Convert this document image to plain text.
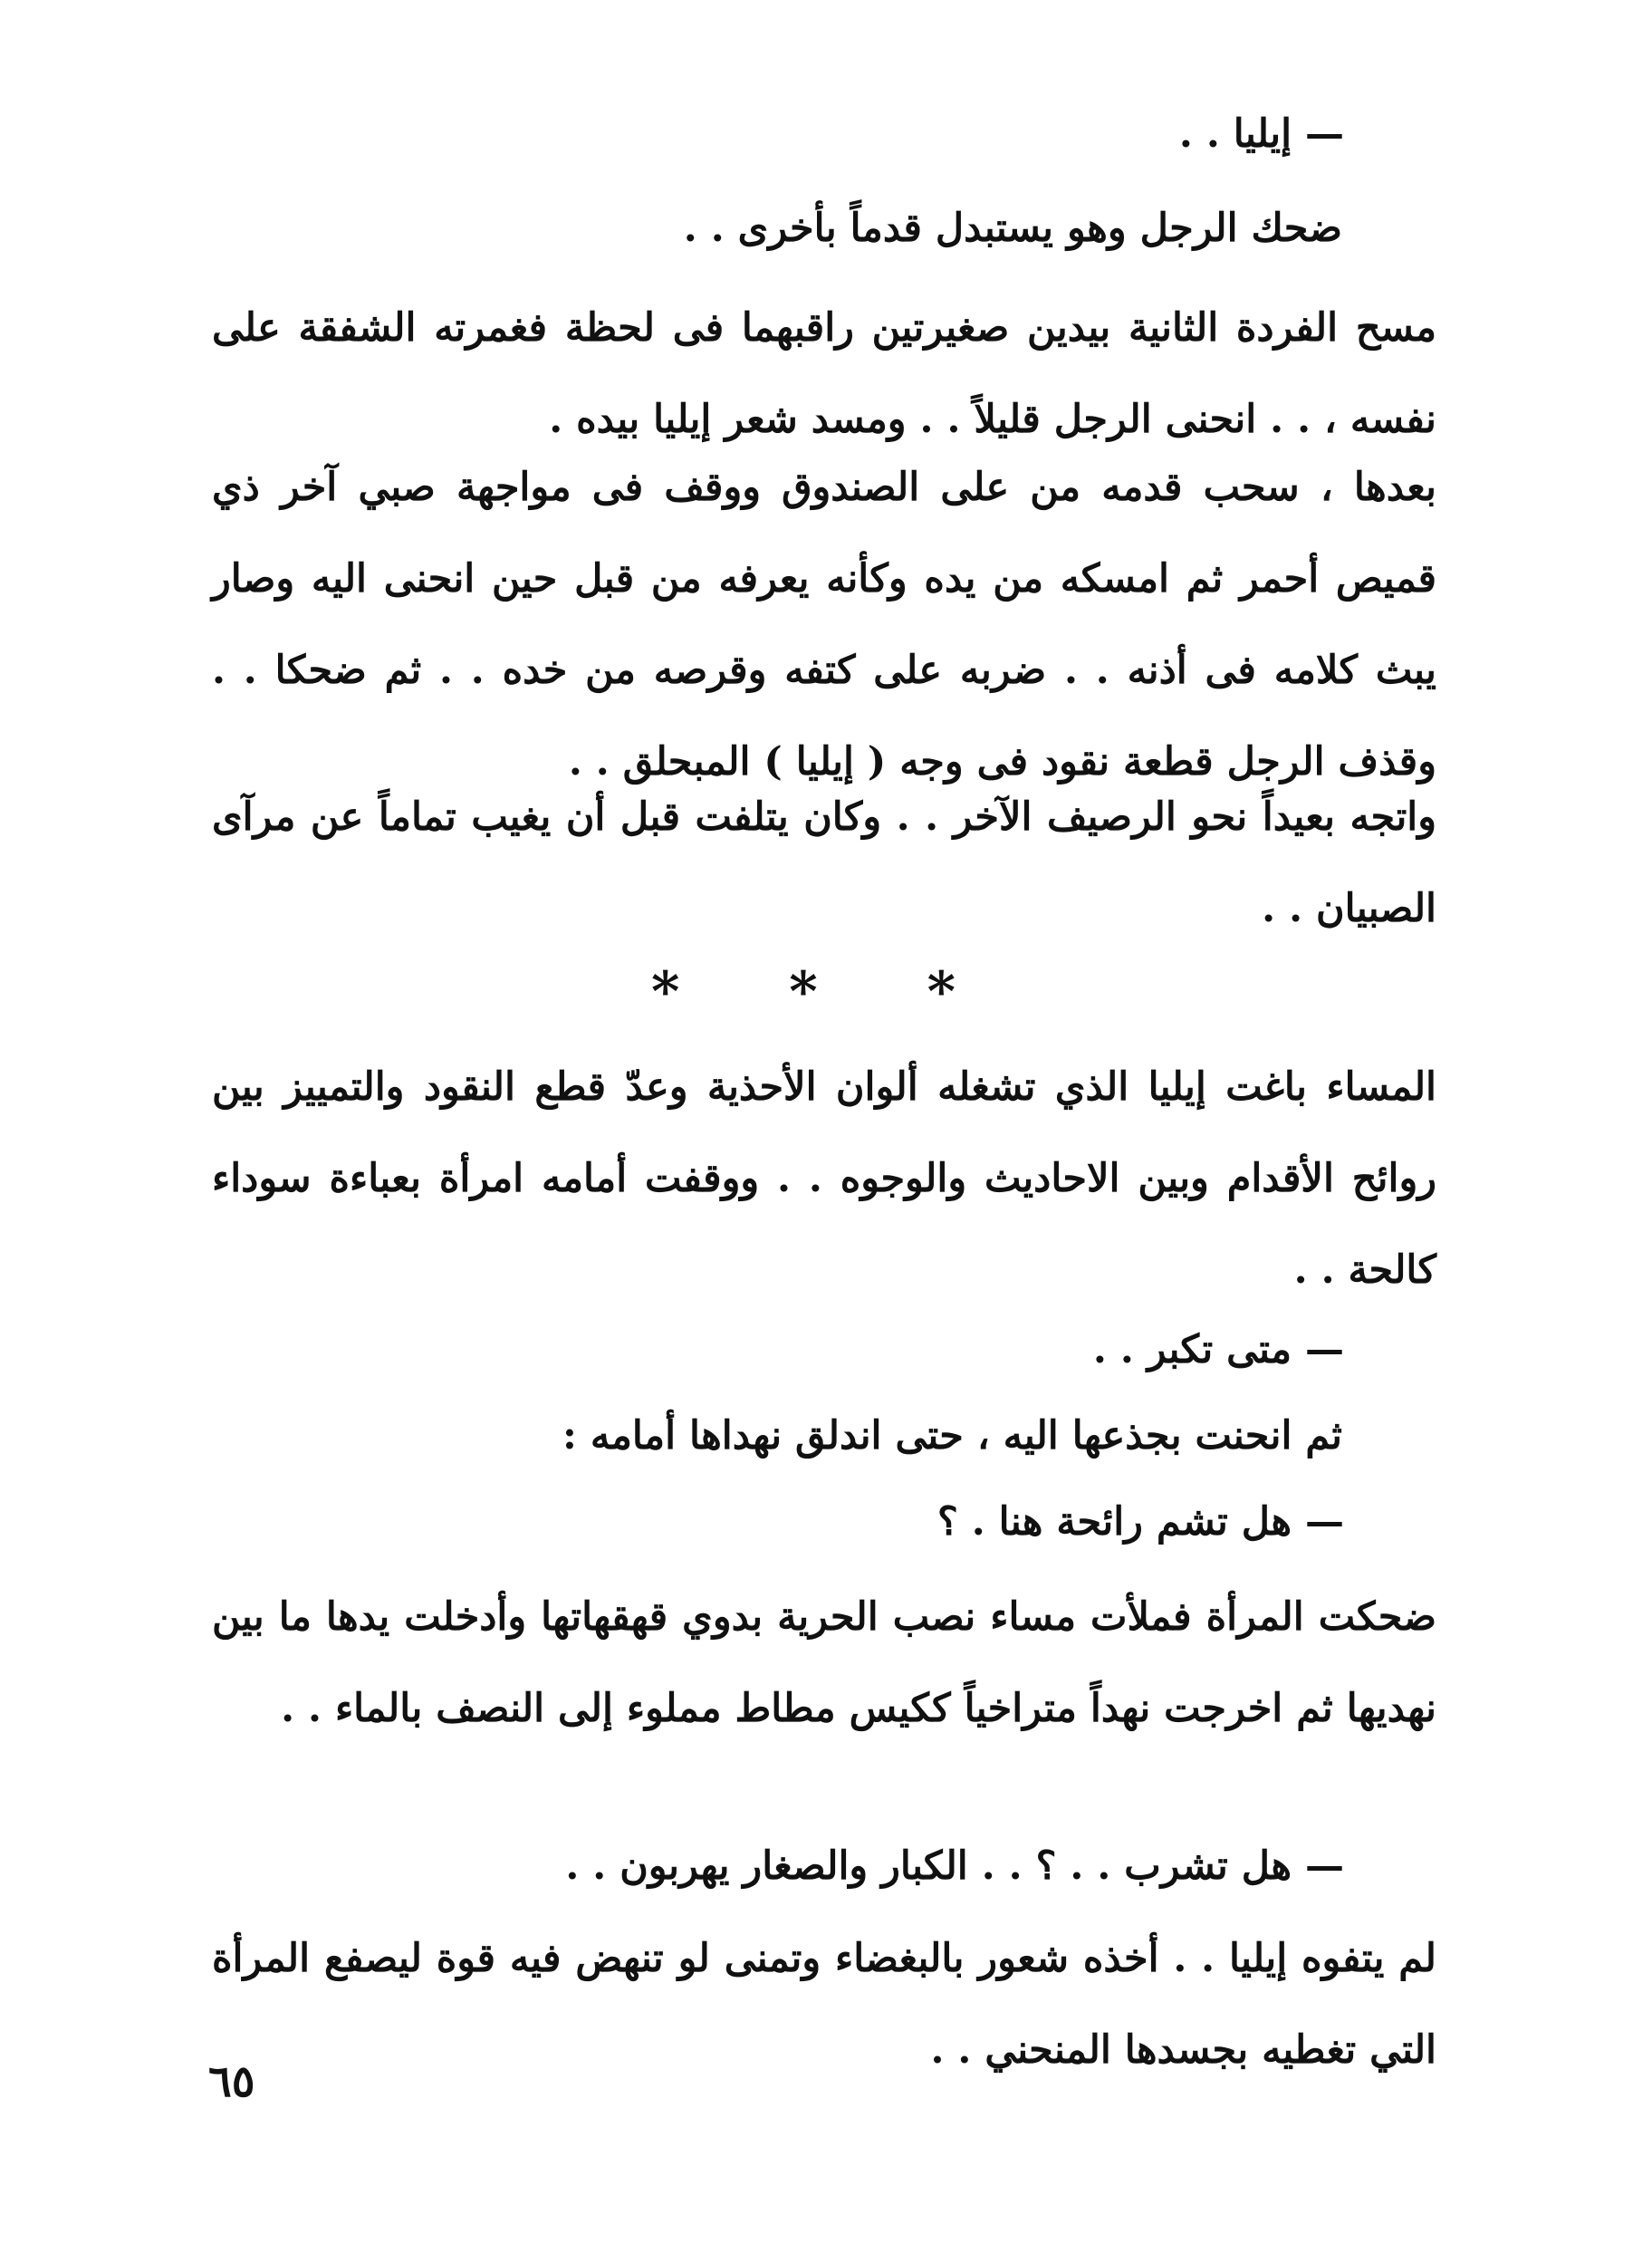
— إيليا . .
ضحك الرجل وهو يستبدل قدماً بأخرى . .

مسح الفردة الثانية بيدين صغيرتين راقبهما فى لحظة فغمرته الشفقة على نفسه ، . . انحنى الرجل قليلاً . . ومسد شعر إيليا بيده .

بعدها ، سحب قدمه من على الصندوق ووقف فى مواجهة صبي آخر ذي قميص أحمر ثم امسكه من يده وكأنه يعرفه من قبل حين انحنى اليه وصار يبث كلامه فى أذنه . . ضربه على كتفه وقرصه من خده . . ثم ضحكا . . وقذف الرجل قطعة نقود فى وجه ( إيليا ) المبحلق . .

واتجه بعيداً نحو الرصيف الآخر . . وكان يتلفت قبل أن يغيب تماماً عن مرآى الصبيان . .

* * *

المساء باغت إيليا الذي تشغله ألوان الأحذية وعدّ قطع النقود والتمييز بين روائح الأقدام وبين الاحاديث والوجوه . . ووقفت أمامه امرأة بعباءة سوداء كالحة . .

— متى تكبر . .
ثم انحنت بجذعها اليه ، حتى اندلق نهداها أمامه :
— هل تشم رائحة هنا . ؟

ضحكت المرأة فملأت مساء نصب الحرية بدوي قهقهاتها وأدخلت يدها ما بين نهديها ثم اخرجت نهداً متراخياً ككيس مطاط مملوء إلى النصف بالماء . .

— هل تشرب . . ؟ . . الكبار والصغار يهربون . .

لم يتفوه إيليا . . أخذه شعور بالبغضاء وتمنى لو تنهض فيه قوة ليصفع المرأة التي تغطيه بجسدها المنحني . .

٦٥
